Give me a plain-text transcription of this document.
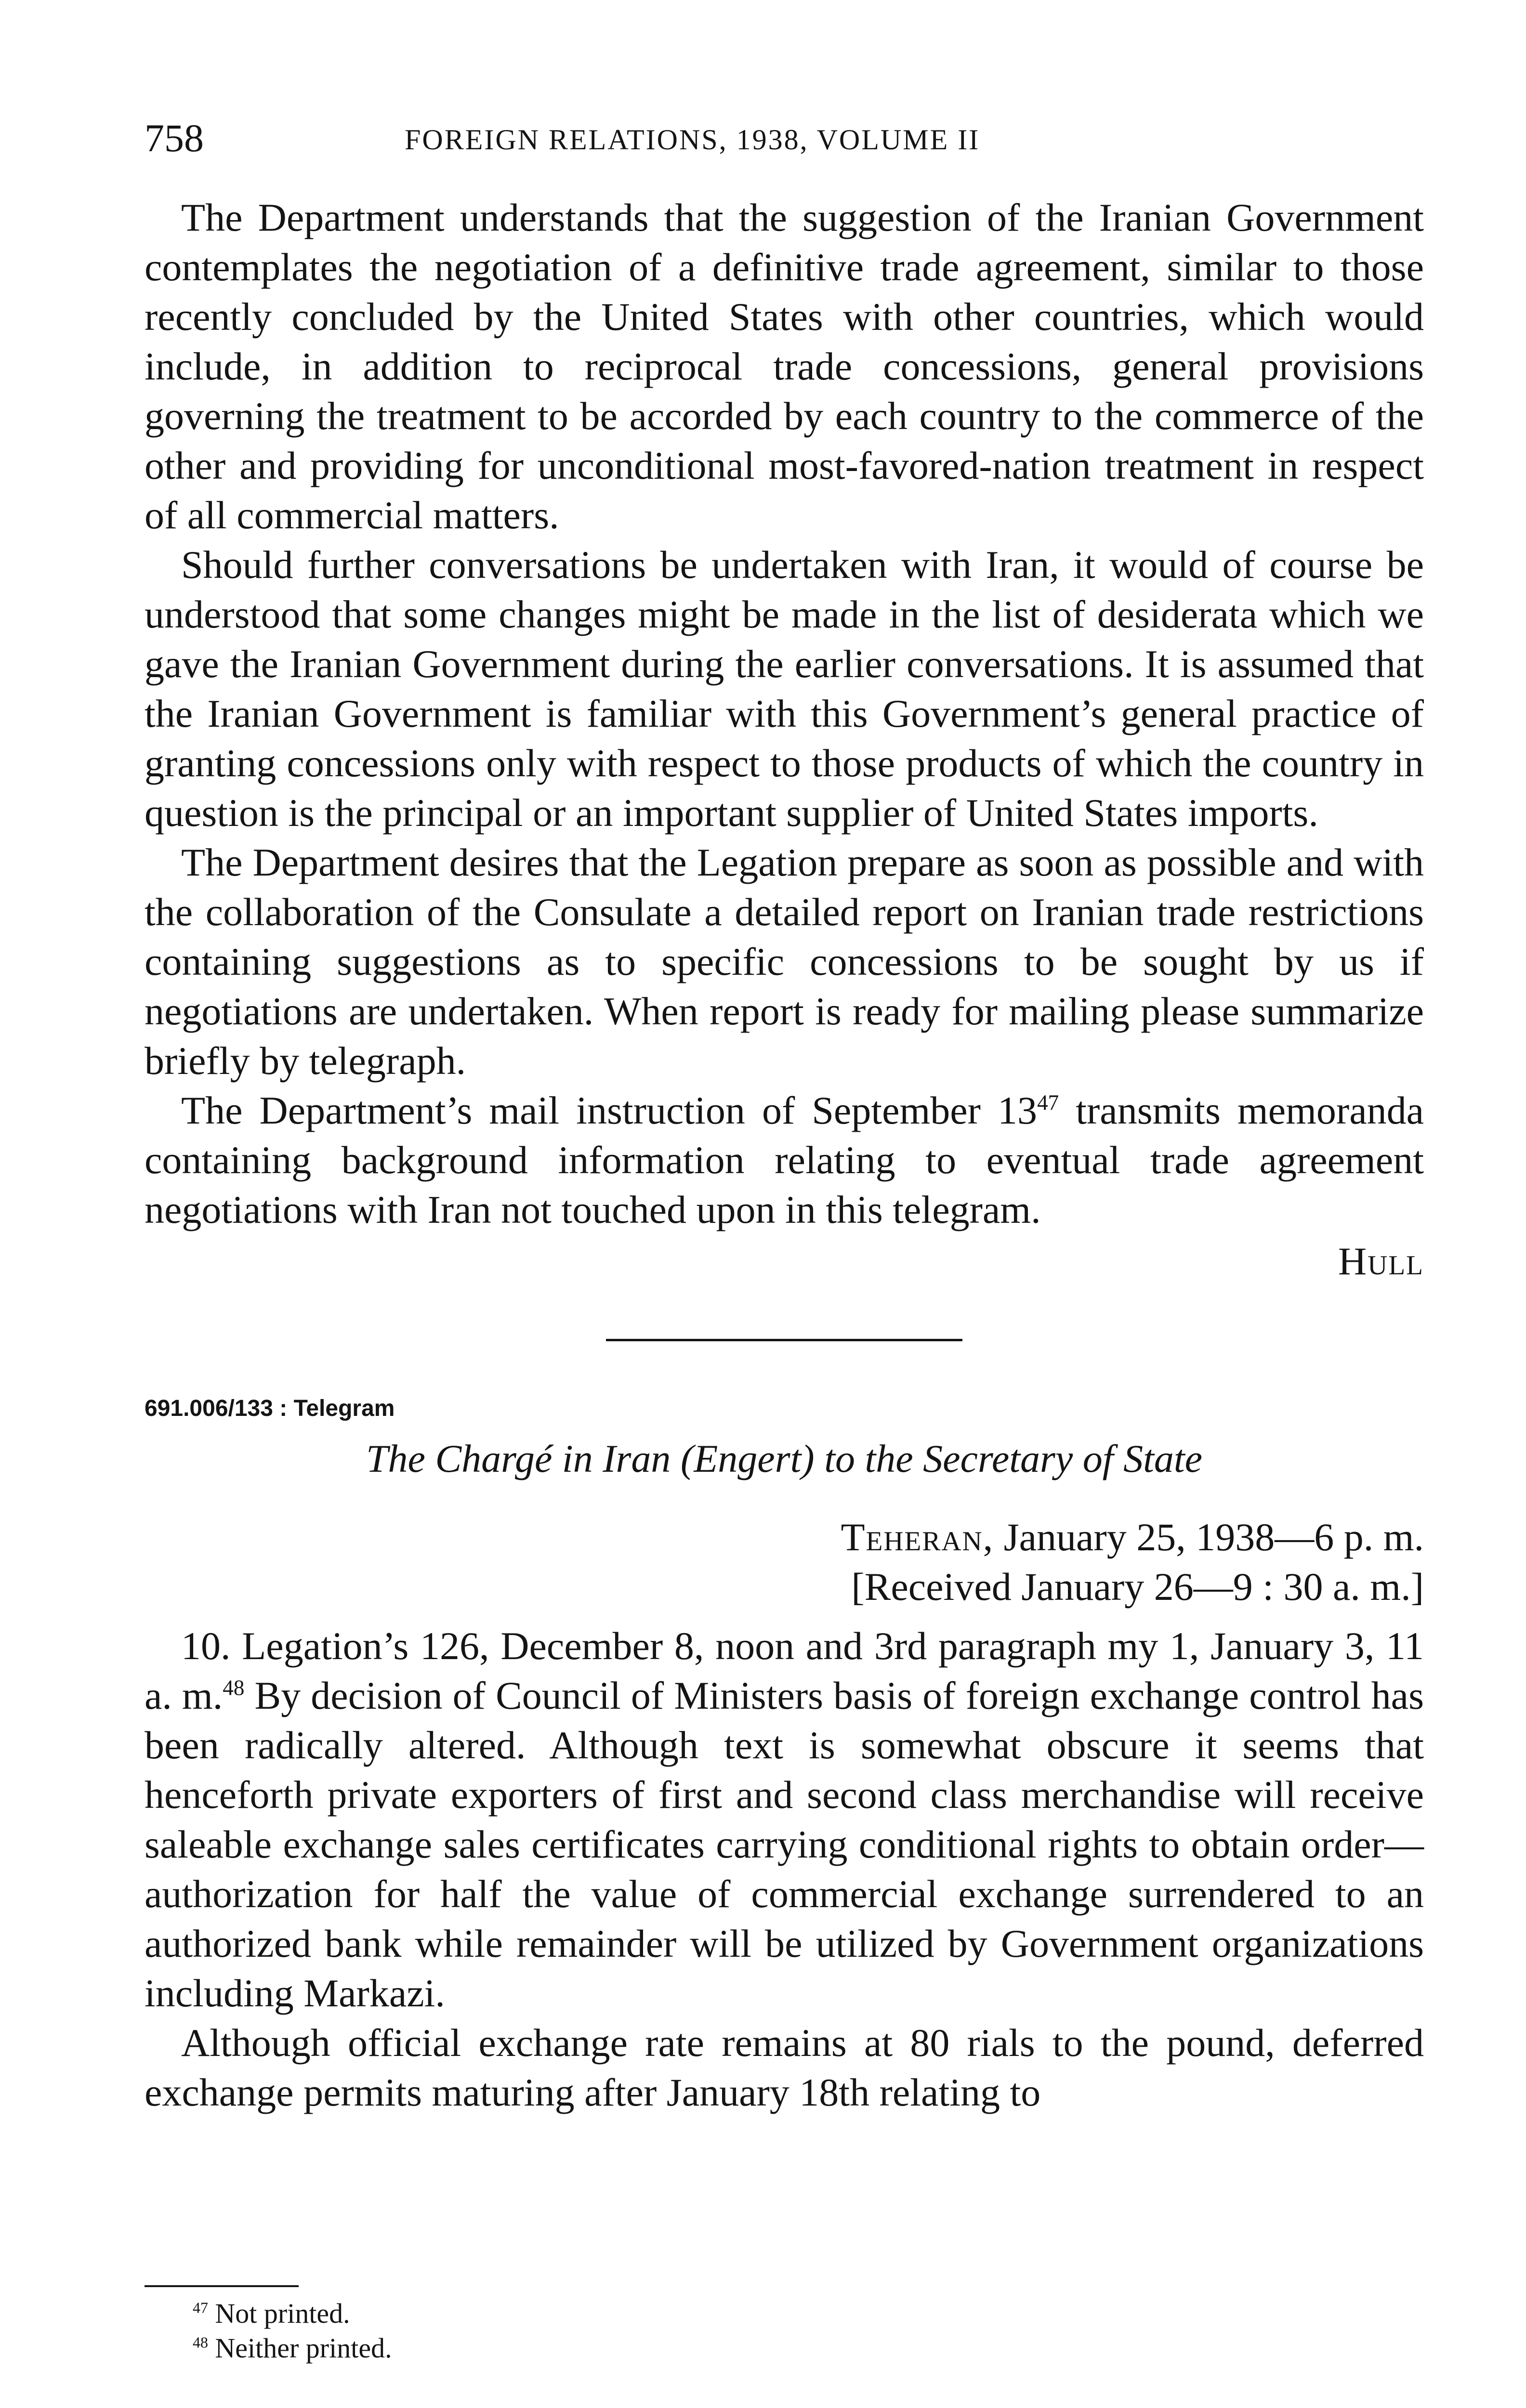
758	FOREIGN RELATIONS, 1938, VOLUME II

The Department understands that the suggestion of the Iranian Government contemplates the negotiation of a definitive trade agreement, similar to those recently concluded by the United States with other countries, which would include, in addition to reciprocal trade concessions, general provisions governing the treatment to be accorded by each country to the commerce of the other and providing for unconditional most-favored-nation treatment in respect of all commercial matters.

Should further conversations be undertaken with Iran, it would of course be understood that some changes might be made in the list of desiderata which we gave the Iranian Government during the earlier conversations. It is assumed that the Iranian Government is familiar with this Government’s general practice of granting concessions only with respect to those products of which the country in question is the principal or an important supplier of United States imports.

The Department desires that the Legation prepare as soon as possible and with the collaboration of the Consulate a detailed report on Iranian trade restrictions containing suggestions as to specific concessions to be sought by us if negotiations are undertaken. When report is ready for mailing please summarize briefly by telegraph.

The Department’s mail instruction of September $13^{47}$ transmits memoranda containing background information relating to eventual trade agreement negotiations with Iran not touched upon in this telegram.

Hull

691.006/133 : Telegram
The Chargé in Iran (Engert) to the Secretary of State

Teheran, January 25, 1938—6 p. m.

[Received January 26—9 : 30 a. m.]

10. Legation’s 126, December 8, noon and 3rd paragraph my 1, January 3, 11 a. m.$^{48}$ By decision of Council of Ministers basis of foreign exchange control has been radically altered. Although text is somewhat obscure it seems that henceforth private exporters of first and second class merchandise will receive saleable exchange sales certificates carrying conditional rights to obtain order—authorization for half the value of commercial exchange surrendered to an authorized bank while remainder will be utilized by Government organizations including Markazi.

Although official exchange rate remains at 80 rials to the pound, deferred exchange permits maturing after January 18th relating to

$^{47}$ Not printed.
$^{48}$ Neither printed.
